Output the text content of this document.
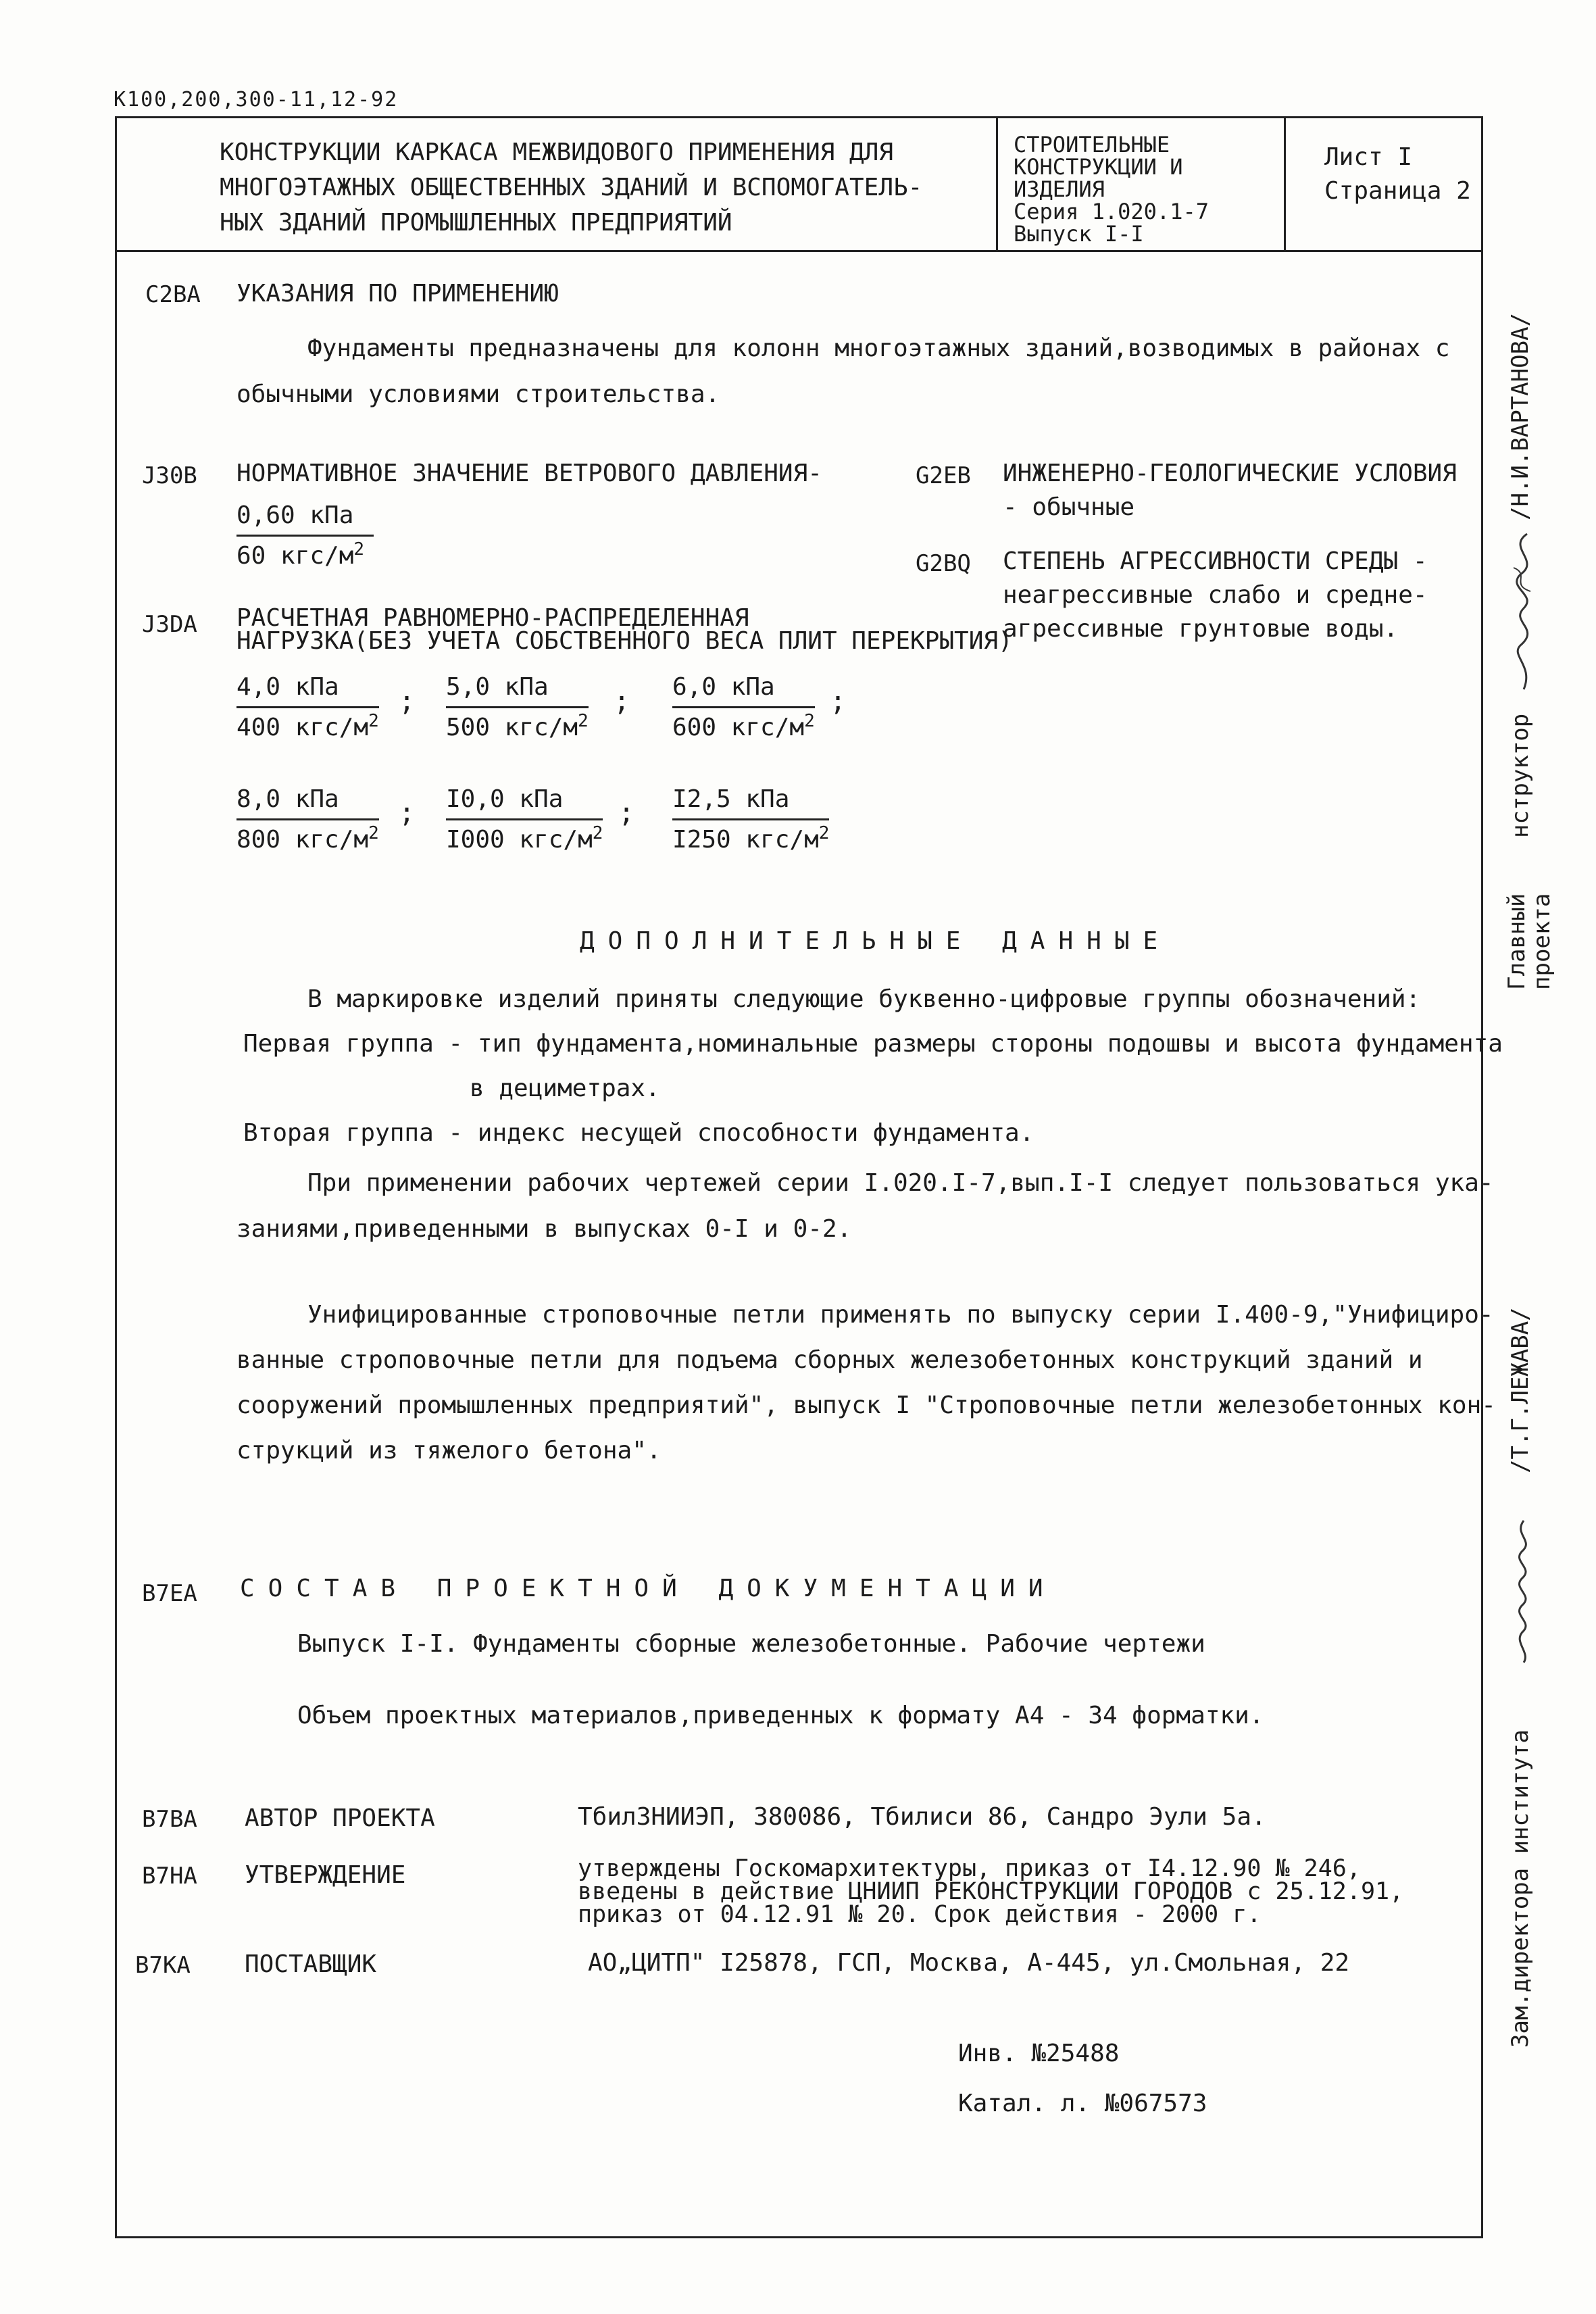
К100,200,300-11,12-92
КОНСТРУКЦИИ КАРКАСА МЕЖВИДОВОГО ПРИМЕНЕНИЯ ДЛЯ
МНОГОЭТАЖНЫХ ОБЩЕСТВЕННЫХ ЗДАНИЙ И ВСПОМОГАТЕЛЬ-
НЫХ ЗДАНИЙ ПРОМЫШЛЕННЫХ ПРЕДПРИЯТИЙ
СТРОИТЕЛЬНЫЕ
КОНСТРУКЦИИ И
ИЗДЕЛИЯ
Серия 1.020.1-7
Выпуск I-I
Лист I
Страница 2
C2BA УКАЗАНИЯ ПО ПРИМЕНЕНИЮ
Фундаменты предназначены для колонн многоэтажных зданий,возводимых в районах с
обычными условиями строительства.
J30B НОРМАТИВНОЕ ЗНАЧЕНИЕ ВЕТРОВОГО ДАВЛЕНИЯ-
0,60 кПа
60 кгс/$м^2$
G2EB ИНЖЕНЕРНО-ГЕОЛОГИЧЕСКИЕ УСЛОВИЯ
- обычные
G2BQ СТЕПЕНЬ АГРЕССИВНОСТИ СРЕДЫ -
неагрессивные слабо и средне-
агрессивные грунтовые воды.
J3DA РАСЧЕТНАЯ РАВНОМЕРНО-РАСПРЕДЕЛЕННАЯ
НАГРУЗКА(БЕЗ УЧЕТА СОБСТВЕННОГО ВЕСА ПЛИТ ПЕРЕКРЫТИЯ)
4,0 кПа
400 кгс/$м^2$
; 5,0 кПа
500 кгс/$м^2$
; 6,0 кПа
600 кгс/$м^2$
;
8,0 кПа
800 кгс/$м^2$
; I0,0 кПа
I000 кгс/$м^2$
; I2,5 кПа
I250 кгс/$м^2$
ДОПОЛНИТЕЛЬНЫЕ ДАННЫЕ
В маркировке изделий приняты следующие буквенно-цифровые группы обозначений:
Первая группа - тип фундамента,номинальные размеры стороны подошвы и высота фундамента
в дециметрах.
Вторая группа - индекс несущей способности фундамента.
При применении рабочих чертежей серии I.020.I-7,вып.I-I следует пользоваться ука-
заниями,приведенными в выпусках 0-I и 0-2.
Унифицированные строповочные петли применять по выпуску серии I.400-9,"Унифициро-
ванные строповочные петли для подъема сборных железобетонных конструкций зданий и
сооружений промышленных предприятий", выпуск I "Строповочные петли железобетонных кон-
струкций из тяжелого бетона".
B7EA СОСТАВ ПРОЕКТНОЙ ДОКУМЕНТАЦИИ
Выпуск I-I. Фундаменты сборные железобетонные. Рабочие чертежи
Объем проектных материалов,приведенных к формату А4 - 34 форматки.
B7BA АВТОР ПРОЕКТА	ТбилЗНИИЭП, 380086, Тбилиси 86, Сандро Эули 5а.
B7HA УТВЕРЖДЕНИЕ	утверждены Госкомархитектуры, приказ от I4.12.90 № 246,
введены в действие ЦНИИП РЕКОНСТРУКЦИИ ГОРОДОВ с 25.12.91,
приказ от 04.12.91 № 20. Срок действия - 2000 г.
B7KA ПОСТАВЩИК	АО„ЦИТП" I25878, ГСП, Москва, А-445, ул.Смольная, 22
Инв. №25488
Катал. л. №067573
/Н.И.ВАРТАНОВА/
нструктор
Главный
проекта
/Т.Г.ЛЕЖАВА/
Зам.директора института
